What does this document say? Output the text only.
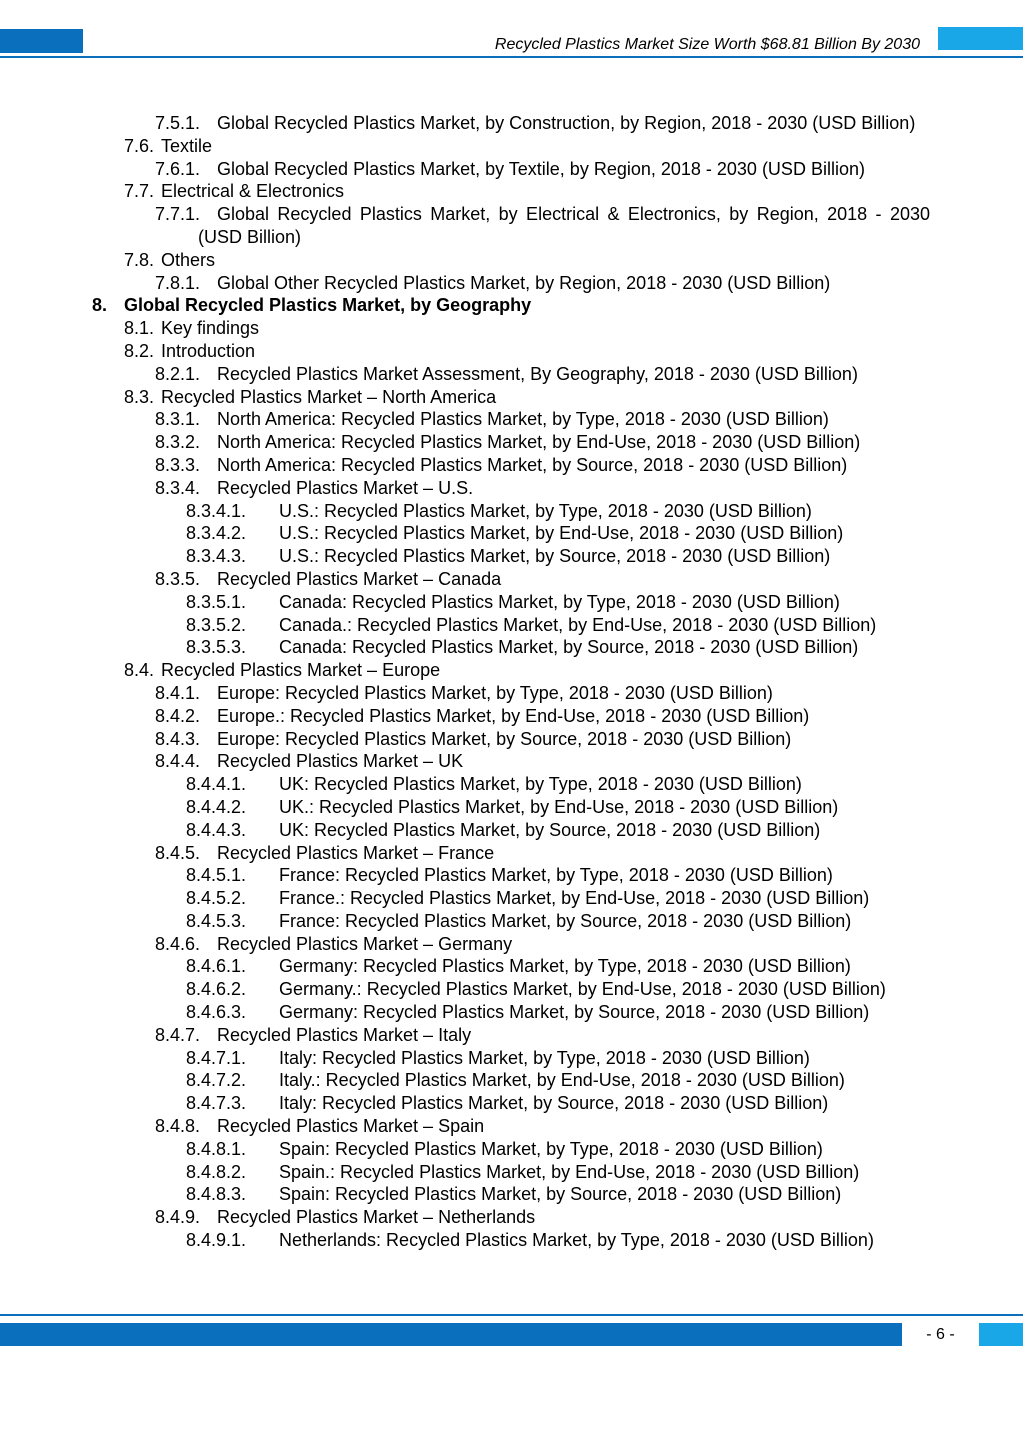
Recycled Plastics Market Size Worth $68.81 Billion By 2030
7.5.1. Global Recycled Plastics Market, by Construction, by Region, 2018 - 2030 (USD Billion)
7.6. Textile
7.6.1. Global Recycled Plastics Market, by Textile, by Region, 2018 - 2030 (USD Billion)
7.7. Electrical & Electronics
7.7.1. Global Recycled Plastics Market, by Electrical & Electronics, by Region, 2018 - 2030 (USD Billion)
7.8. Others
7.8.1. Global Other Recycled Plastics Market, by Region, 2018 - 2030 (USD Billion)
8. Global Recycled Plastics Market, by Geography
8.1. Key findings
8.2. Introduction
8.2.1. Recycled Plastics Market Assessment, By Geography, 2018 - 2030 (USD Billion)
8.3. Recycled Plastics Market – North America
8.3.1. North America: Recycled Plastics Market, by Type, 2018 - 2030 (USD Billion)
8.3.2. North America: Recycled Plastics Market, by End-Use, 2018 - 2030 (USD Billion)
8.3.3. North America: Recycled Plastics Market, by Source, 2018 - 2030 (USD Billion)
8.3.4. Recycled Plastics Market – U.S.
8.3.4.1. U.S.: Recycled Plastics Market, by Type, 2018 - 2030 (USD Billion)
8.3.4.2. U.S.: Recycled Plastics Market, by End-Use, 2018 - 2030 (USD Billion)
8.3.4.3. U.S.: Recycled Plastics Market, by Source, 2018 - 2030 (USD Billion)
8.3.5. Recycled Plastics Market – Canada
8.3.5.1. Canada: Recycled Plastics Market, by Type, 2018 - 2030 (USD Billion)
8.3.5.2. Canada.: Recycled Plastics Market, by End-Use, 2018 - 2030 (USD Billion)
8.3.5.3. Canada: Recycled Plastics Market, by Source, 2018 - 2030 (USD Billion)
8.4. Recycled Plastics Market – Europe
8.4.1. Europe: Recycled Plastics Market, by Type, 2018 - 2030 (USD Billion)
8.4.2. Europe.: Recycled Plastics Market, by End-Use, 2018 - 2030 (USD Billion)
8.4.3. Europe: Recycled Plastics Market, by Source, 2018 - 2030 (USD Billion)
8.4.4. Recycled Plastics Market – UK
8.4.4.1. UK: Recycled Plastics Market, by Type, 2018 - 2030 (USD Billion)
8.4.4.2. UK.: Recycled Plastics Market, by End-Use, 2018 - 2030 (USD Billion)
8.4.4.3. UK: Recycled Plastics Market, by Source, 2018 - 2030 (USD Billion)
8.4.5. Recycled Plastics Market – France
8.4.5.1. France: Recycled Plastics Market, by Type, 2018 - 2030 (USD Billion)
8.4.5.2. France.: Recycled Plastics Market, by End-Use, 2018 - 2030 (USD Billion)
8.4.5.3. France: Recycled Plastics Market, by Source, 2018 - 2030 (USD Billion)
8.4.6. Recycled Plastics Market – Germany
8.4.6.1. Germany: Recycled Plastics Market, by Type, 2018 - 2030 (USD Billion)
8.4.6.2. Germany.: Recycled Plastics Market, by End-Use, 2018 - 2030 (USD Billion)
8.4.6.3. Germany: Recycled Plastics Market, by Source, 2018 - 2030 (USD Billion)
8.4.7. Recycled Plastics Market – Italy
8.4.7.1. Italy: Recycled Plastics Market, by Type, 2018 - 2030 (USD Billion)
8.4.7.2. Italy.: Recycled Plastics Market, by End-Use, 2018 - 2030 (USD Billion)
8.4.7.3. Italy: Recycled Plastics Market, by Source, 2018 - 2030 (USD Billion)
8.4.8. Recycled Plastics Market – Spain
8.4.8.1. Spain: Recycled Plastics Market, by Type, 2018 - 2030 (USD Billion)
8.4.8.2. Spain.: Recycled Plastics Market, by End-Use, 2018 - 2030 (USD Billion)
8.4.8.3. Spain: Recycled Plastics Market, by Source, 2018 - 2030 (USD Billion)
8.4.9. Recycled Plastics Market – Netherlands
8.4.9.1. Netherlands: Recycled Plastics Market, by Type, 2018 - 2030 (USD Billion)
- 6 -
